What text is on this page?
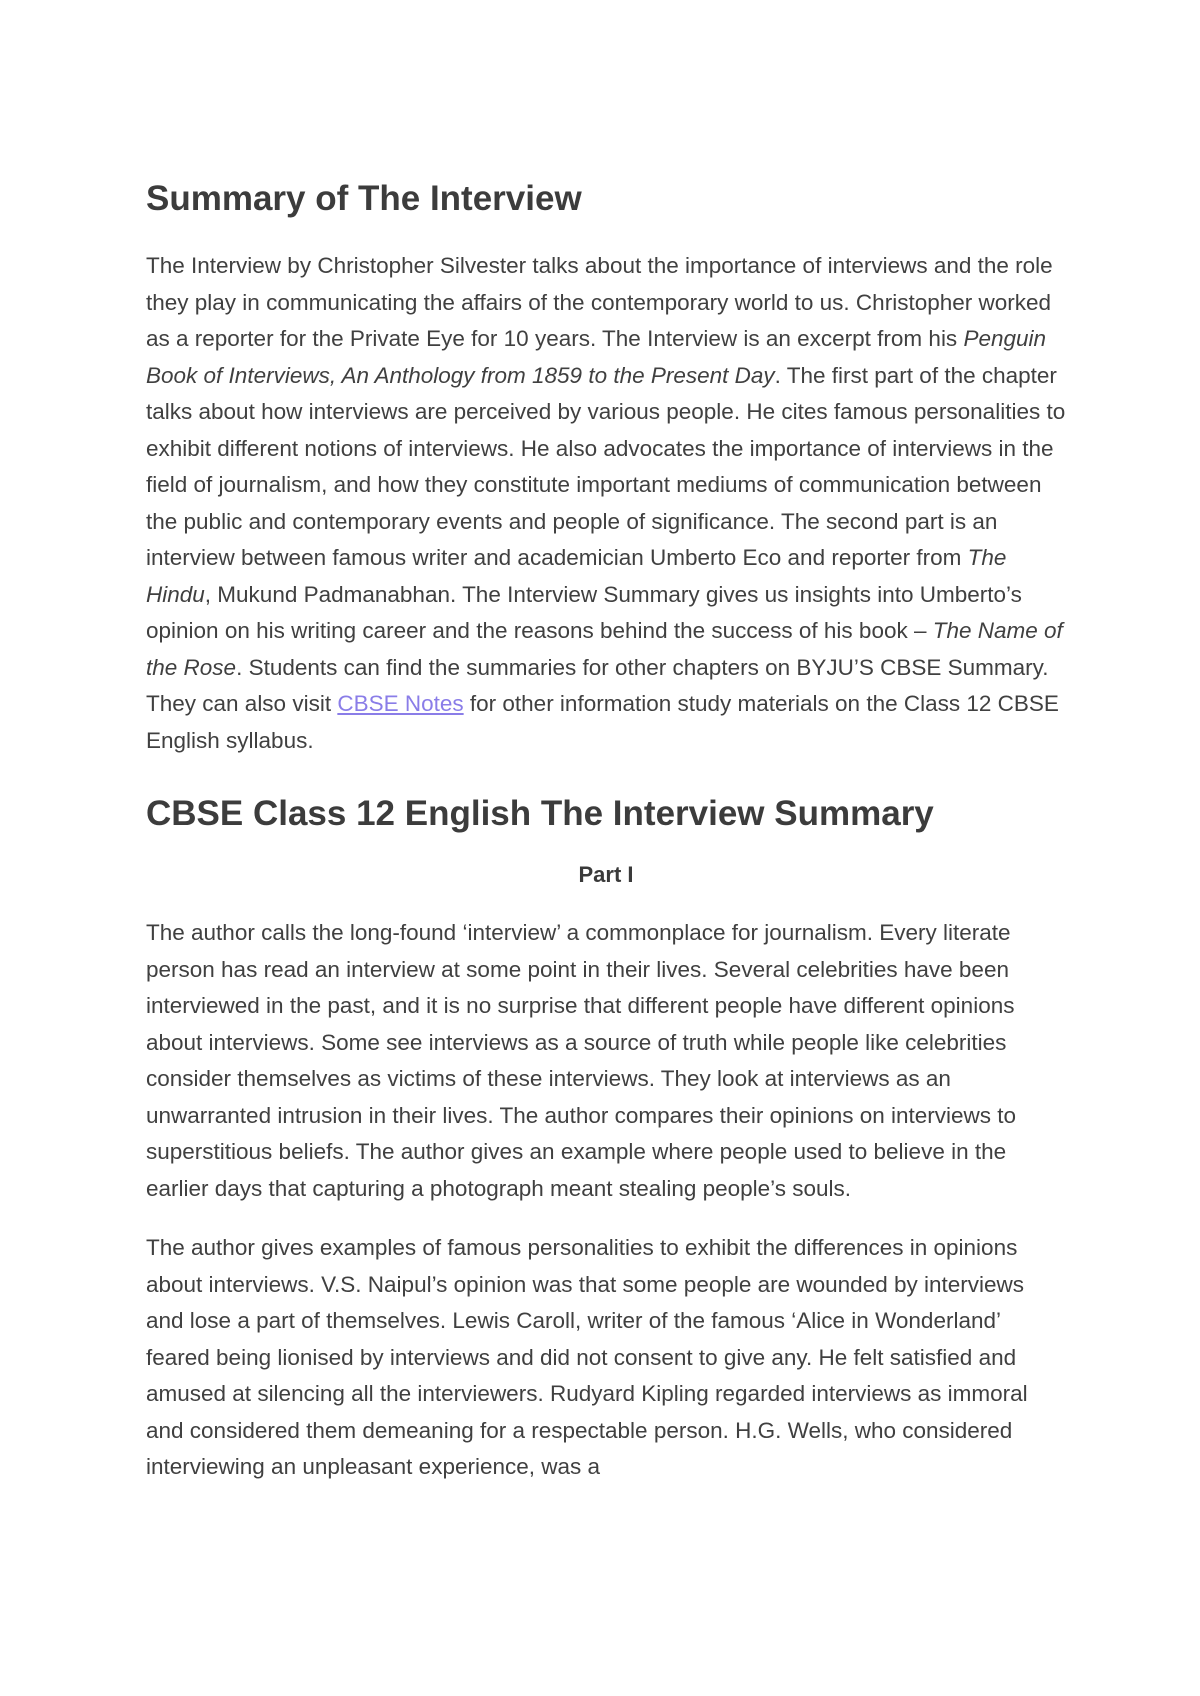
Summary of The Interview

The Interview by Christopher Silvester talks about the importance of interviews and the role they play in communicating the affairs of the contemporary world to us. Christopher worked as a reporter for the Private Eye for 10 years. The Interview is an excerpt from his Penguin Book of Interviews, An Anthology from 1859 to the Present Day. The first part of the chapter talks about how interviews are perceived by various people. He cites famous personalities to exhibit different notions of interviews. He also advocates the importance of interviews in the field of journalism, and how they constitute important mediums of communication between the public and contemporary events and people of significance. The second part is an interview between famous writer and academician Umberto Eco and reporter from The Hindu, Mukund Padmanabhan. The Interview Summary gives us insights into Umberto’s opinion on his writing career and the reasons behind the success of his book – The Name of the Rose. Students can find the summaries for other chapters on BYJU’S CBSE Summary. They can also visit CBSE Notes for other information study materials on the Class 12 CBSE English syllabus.

CBSE Class 12 English The Interview Summary

Part I

The author calls the long-found ‘interview’ a commonplace for journalism. Every literate person has read an interview at some point in their lives. Several celebrities have been interviewed in the past, and it is no surprise that different people have different opinions about interviews. Some see interviews as a source of truth while people like celebrities consider themselves as victims of these interviews. They look at interviews as an unwarranted intrusion in their lives. The author compares their opinions on interviews to superstitious beliefs. The author gives an example where people used to believe in the earlier days that capturing a photograph meant stealing people’s souls.

The author gives examples of famous personalities to exhibit the differences in opinions about interviews. V.S. Naipul’s opinion was that some people are wounded by interviews and lose a part of themselves. Lewis Caroll, writer of the famous ‘Alice in Wonderland’ feared being lionised by interviews and did not consent to give any. He felt satisfied and amused at silencing all the interviewers. Rudyard Kipling regarded interviews as immoral and considered them demeaning for a respectable person. H.G. Wells, who considered interviewing an unpleasant experience, was a
